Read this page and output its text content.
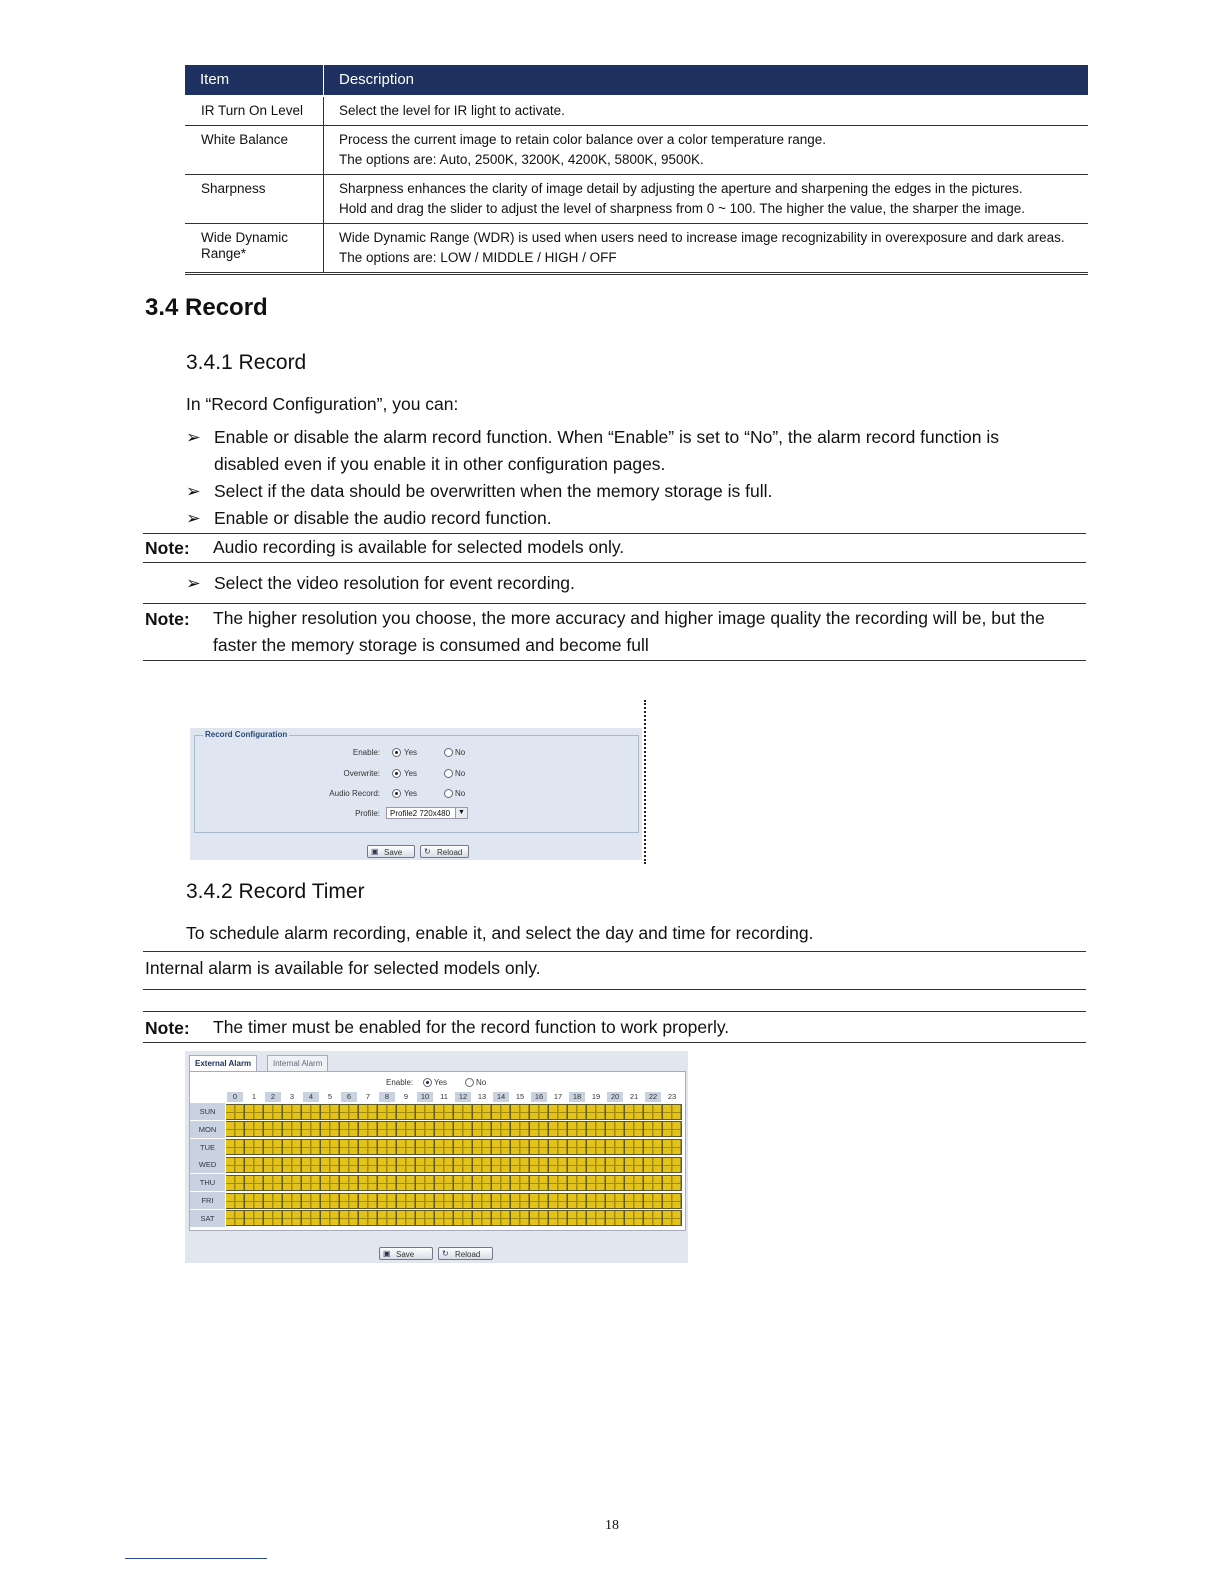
Item	Description
IR Turn On Level	Select the level for IR light to activate.

White Balance	Process the current image to retain color balance over a color temperature range.
The options are: Auto, 2500K, 3200K, 4200K, 5800K, 9500K.

Sharpness	Sharpness enhances the clarity of image detail by adjusting the aperture and sharpening the edges in the pictures.
Hold and drag the slider to adjust the level of sharpness from 0 ~ 100. The higher the value, the sharper the image.

Wide Dynamic Range*	Wide Dynamic Range (WDR) is used when users need to increase image recognizability in overexposure and dark areas.
The options are: LOW / MIDDLE / HIGH / OFF
3.4 Record
3.4.1 Record
In “Record Configuration”, you can:
➢ Enable or disable the alarm record function. When “Enable” is set to “No”, the alarm record function is
disabled even if you enable it in other configuration pages.
➢ Select if the data should be overwritten when the memory storage is full.
➢ Enable or disable the audio record function.
Note: Audio recording is available for selected models only.
➢ Select the video resolution for event recording.
Note: The higher resolution you choose, the more accuracy and higher image quality the recording will be, but the
faster the memory storage is consumed and become full
Record Configuration
Enable:	Yes	No
Overwrite:	Yes	No
Audio Record:	Yes	No
Profile:	Profile2 720x480	▼
▣ Save	↻ Reload
3.4.2 Record Timer
To schedule alarm recording, enable it, and select the day and time for recording.
Internal alarm is available for selected models only.
Note: The timer must be enabled for the record function to work properly.
External Alarm	Internal Alarm
Enable:	Yes	No
0	1	2	3	4	5	6	7	8	9	10	11	12	13	14	15	16	17	18	19	20	21	22	23
SUN
MON
TUE
WED
THU
FRI
SAT
▣ Save	↻ Reload
18
